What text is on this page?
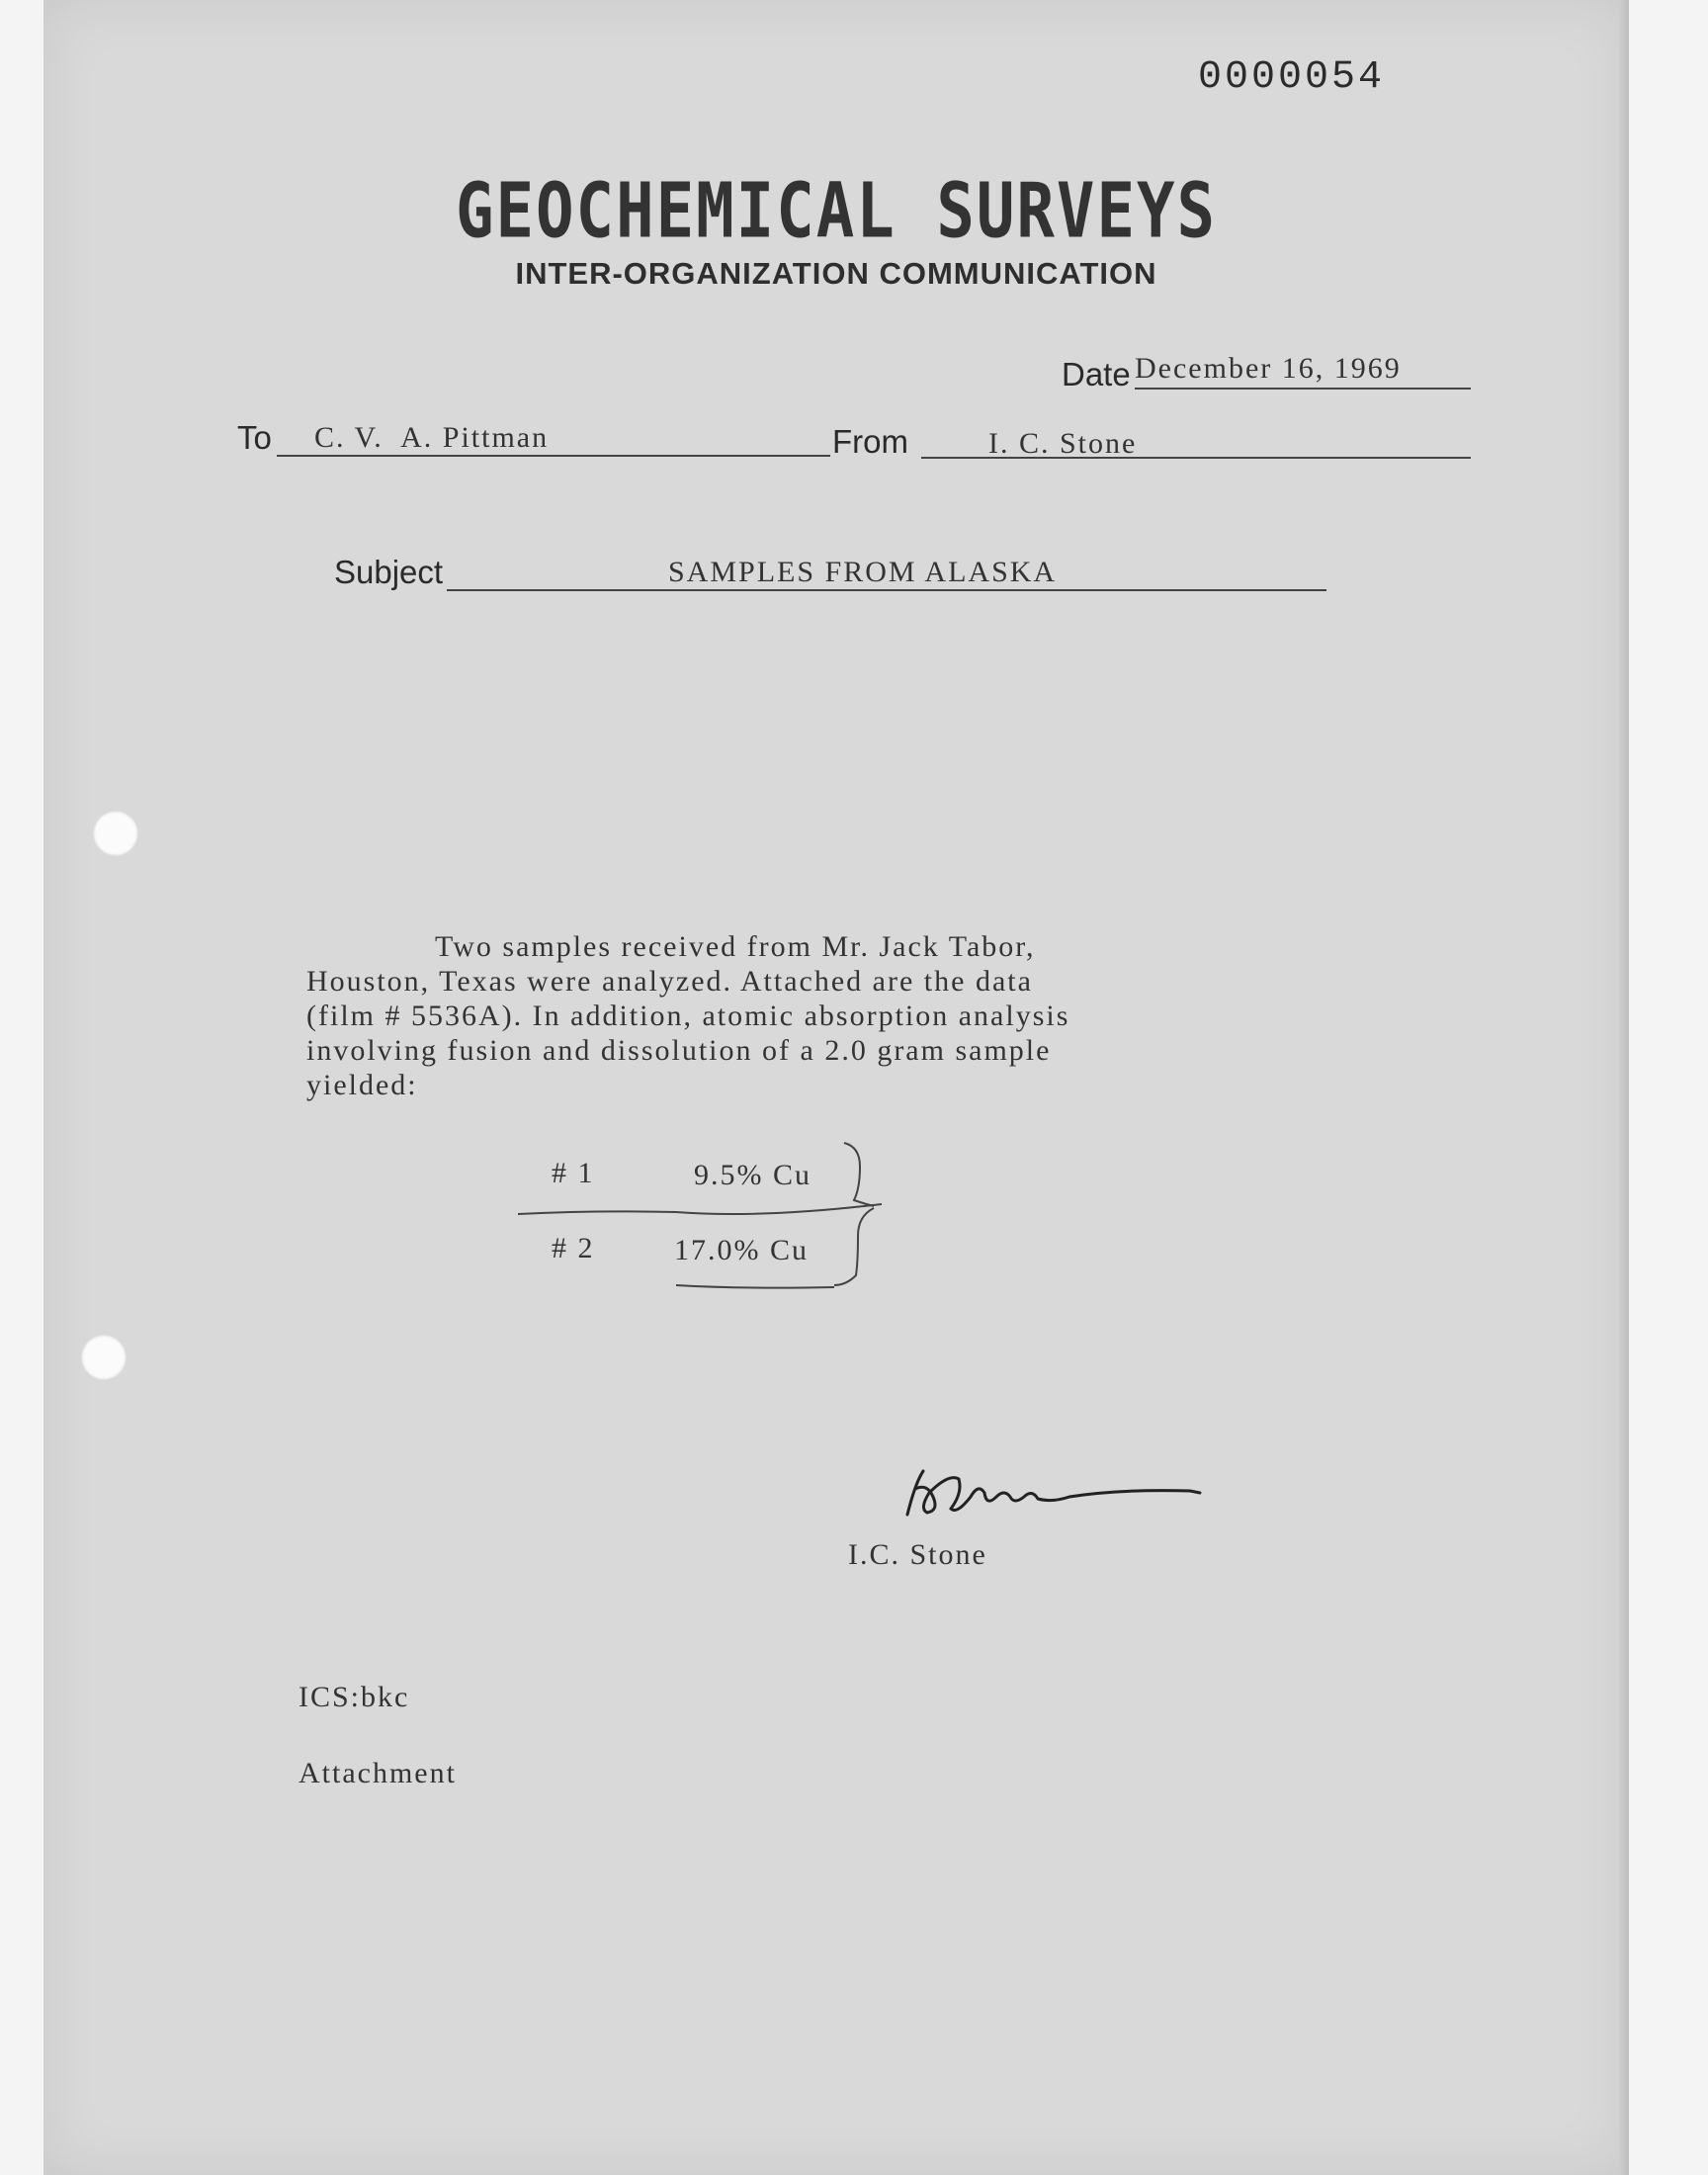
0000054
GEOCHEMICAL SURVEYS
INTER-ORGANIZATION COMMUNICATION
Date December 16, 1969
To C. V.  A. Pittman	From	I. C. Stone
Subject	SAMPLES FROM ALASKA

Two samples received from Mr. Jack Tabor,

Houston, Texas were analyzed. Attached are the data

(film # 5536A). In addition, atomic absorption analysis

involving fusion and dissolution of a 2.0 gram sample

yielded:

# 1	9.5% Cu
# 2	17.0% Cu
I.C. Stone
ICS:bkc
Attachment
